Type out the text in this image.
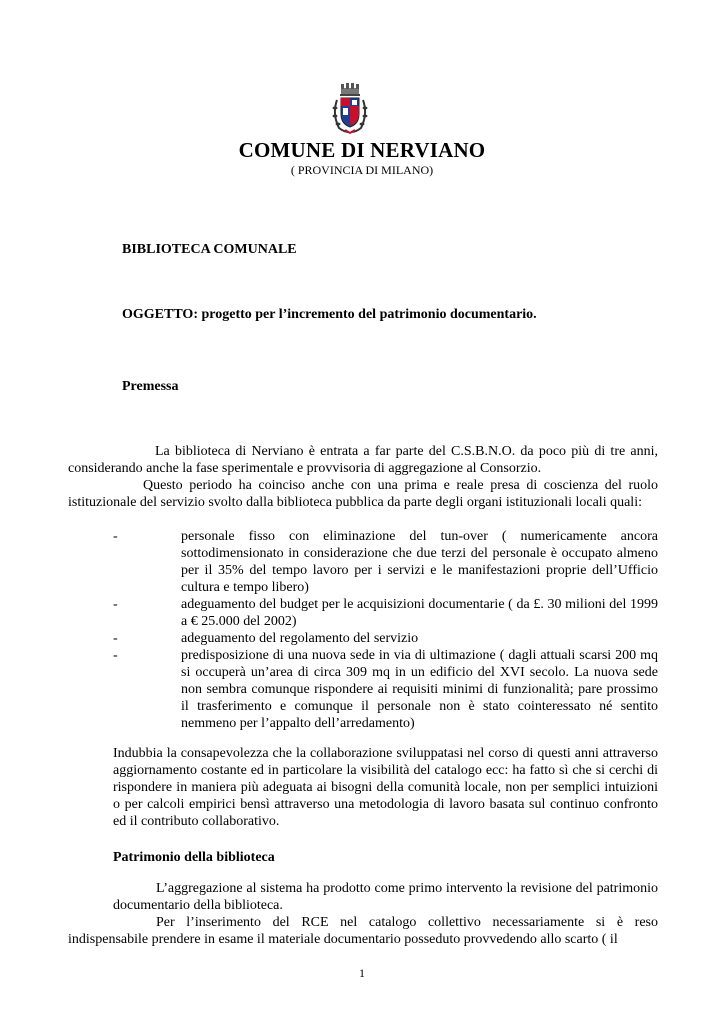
COMUNE DI NERVIANO
( PROVINCIA DI MILANO)
BIBLIOTECA COMUNALE
OGGETTO: progetto per l’incremento del patrimonio documentario.
Premessa

La biblioteca di Nerviano è entrata a far parte del C.S.B.N.O. da poco più di tre anni, considerando anche la fase sperimentale e provvisoria di aggregazione al Consorzio.

Questo periodo ha coinciso anche con una prima e reale presa di coscienza del ruolo istituzionale del servizio svolto dalla biblioteca pubblica da parte degli organi istituzionali locali quali:

-	personale fisso con eliminazione del tun-over ( numericamente ancora sottodimensionato in considerazione che due terzi del personale è occupato almeno per il 35% del tempo lavoro per i servizi e le manifestazioni proprie dell’Ufficio cultura e tempo libero)
-	adeguamento del budget per le acquisizioni documentarie ( da £. 30 milioni del 1999 a € 25.000 del 2002)
-	adeguamento del regolamento del servizio
-	predisposizione di una nuova sede in via di ultimazione ( dagli attuali scarsi 200 mq si occuperà un’area di circa 309 mq in un edificio del XVI secolo. La nuova sede non sembra comunque rispondere ai requisiti minimi di funzionalità; pare prossimo il trasferimento e comunque il personale non è stato cointeressato né sentito nemmeno per l’appalto dell’arredamento)

Indubbia la consapevolezza che la collaborazione sviluppatasi nel corso di questi anni attraverso aggiornamento costante ed in particolare la visibilità del catalogo ecc: ha fatto sì che si cerchi di rispondere in maniera più adeguata ai bisogni della comunità locale, non per semplici intuizioni o per calcoli empirici bensì attraverso una metodologia di lavoro basata sul continuo confronto ed il contributo collaborativo.

Patrimonio della biblioteca

L’aggregazione al sistema ha prodotto come primo intervento la revisione del patrimonio documentario della biblioteca.

Per l’inserimento del RCE nel catalogo collettivo necessariamente si è reso indispensabile prendere in esame il materiale documentario posseduto provvedendo allo scarto ( il

1
